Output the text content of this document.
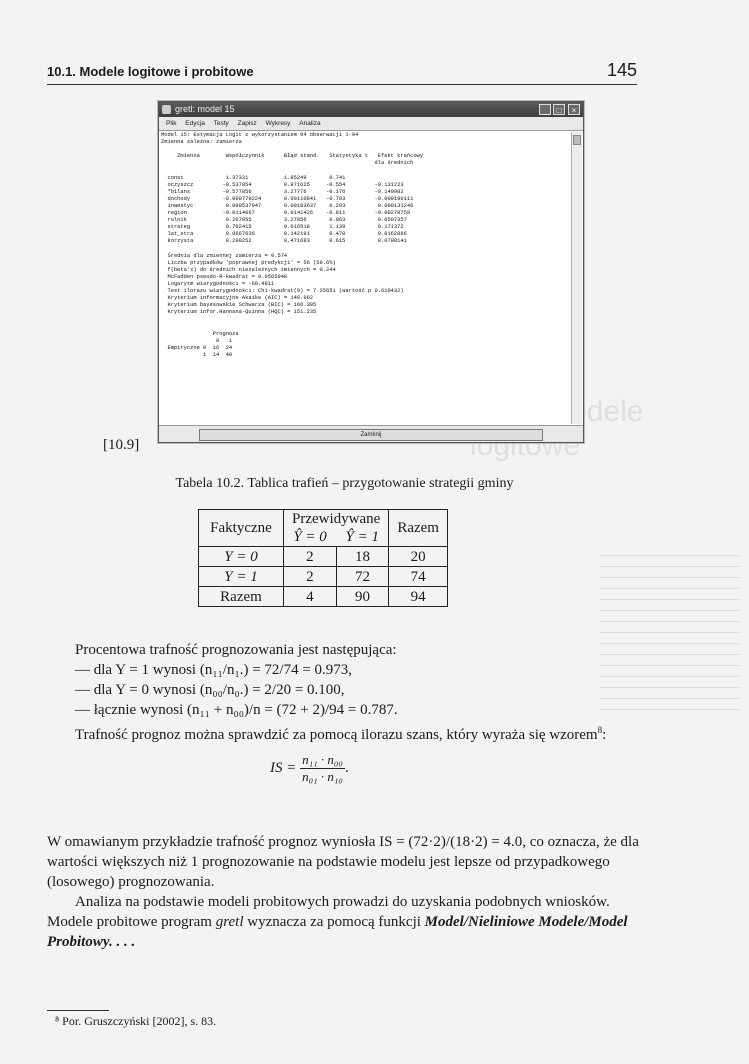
Modele logitowe
10.1. Modele logitowe i probitowe	145
gretl: model 15	_	□	×
Plik Edycja Testy Zapisz Wykresy Analiza
Model 15: Estymacja Logit z wykorzystaniem 94 obserwacji 1-94
Zmienna zależna: zamierza

Zmienna        Współczynnik      Błąd stand.   Statystyka t   Efekt krańcowy
dla średnich

const             1.37331           1.85249       0.741
oczyszcz         -0.537854          0.971625     -0.554         -0.131223
*bilans          -0.577856          3.27776      -0.176         -0.140982
dochody          -0.000779224       0.00110841   -0.703         -0.000190111
inwestyc          0.000537947       0.00183637    0.293          0.000131246
region           -0.0114667         0.0141426    -0.811         -0.00279759
rolnik            0.207955          3.27856       0.063          0.0507357
strateg           0.702415          0.616518      1.139          0.171372
lat_stra          0.0667636         0.142191      0.470          0.0162886
korzysta          0.290252          0.471683      0.615          0.0708141

Średnia dla zmiennej zamierza = 0.574
Liczba przypadków 'poprawnej predykcji' = 56 (59.6%)
f(beta'x) do średnich niezależnych zmiennych = 0.244
McFadden pseudo-R-kwadrat = 0.0565948
Logarytm wiarygodności = -60.4811
Test ilorazu wiarygodności: Chi-kwadrat(9) = 7.25651 (wartość p 0.610432)
Kryterium informacyjne Akaike (AIC) = 140.962
Kryterium bayesowskie Schwarza (BIC) = 166.395
Kryterium infor.Hannana-Quinna (HQC) = 151.235

Prognoza
0   1
Empiryczne 0  16  24
1  14  40
Zamknij
[10.9]
Tabela 10.2. Tablica trafień – przygotowanie strategii gminy
Faktyczne	Przewidywane		Razem
	Ŷ = 0	Ŷ = 1	
Y = 0	2	18	20
Y = 1	2	72	74
Razem	4	90	94
Procentowa trafność prognozowania jest następująca:
— dla Y = 1 wynosi (n₁₁/n₁.) = 72/74 = 0.973,
— dla Y = 0 wynosi (n₀₀/n₀.) = 2/20 = 0.100,
— łącznie wynosi (n₁₁ + n₀₀)/n = (72 + 2)/94 = 0.787.
Trafność prognoz można sprawdzić za pomocą ilorazu szans, który wyraża się wzorem$^8$:
IS = $\frac{\text{n₁₁ · n₀₀}}{\text{n₀₁ · n₁₀}}$ .
W omawianym przykładzie trafność prognoz wyniosła IS = (72·2)/(18·2) = 4.0, co oznacza, że dla wartości większych niż 1 prognozowanie na podstawie modelu jest lepsze od przypadkowego (losowego) prognozowania.
Analiza na podstawie modeli probitowych prowadzi do uzyskania podobnych wniosków. Modele probitowe program gretl wyznacza za pomocą funkcji Model/Nieliniowe Modele/Model Probitowy. . . .
⁸ Por. Gruszczyński [2002], s. 83.
